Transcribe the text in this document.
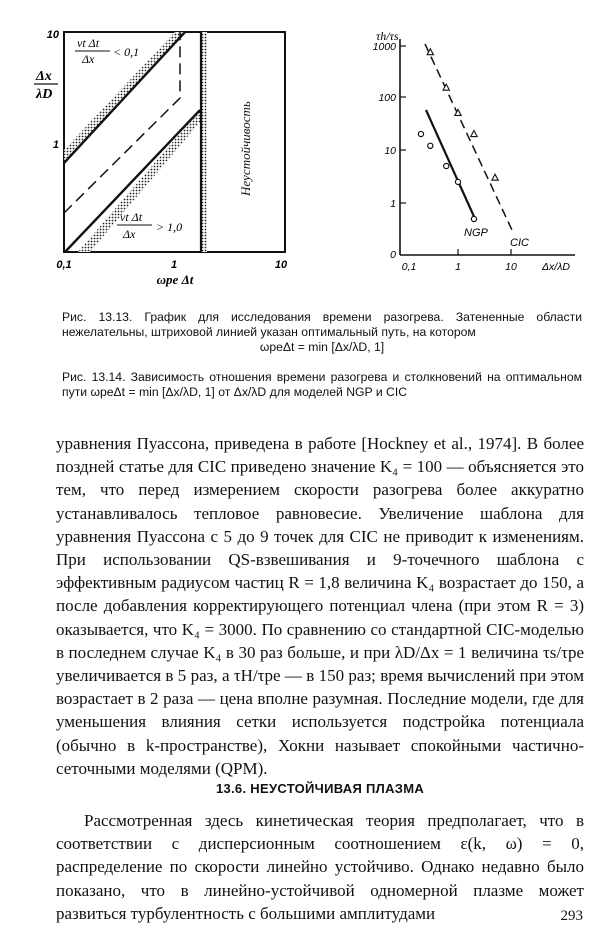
Неустойчивость
vt Δt
Δx < 0,1
vt Δt
Δx > 1,0
Δx
λD
10
1
0,1	1	10
ωpe Δt
τh/τs
1000
100
10
1
0
0,1	1	10 Δx/λD
NGP
CIC
Рис. 13.13. График для исследования времени разогрева. Затененные области нежелательны, штриховой линией указан оптимальный путь, на котором
ωpeΔt = min [Δx/λD, 1]
Рис. 13.14. Зависимость отношения времени разогрева и столкновений на оптимальном пути ωpeΔt = min [Δx/λD, 1] от Δx/λD для моделей NGP и CIC

уравнения Пуассона, приведена в работе [Hockney et al., 1974]. В более поздней статье для CIC приведено значение K₄ = 100 — объясняется это тем, что перед измерением скорости разогрева более аккуратно устанавливалось тепловое равновесие. Увеличение шаблона для уравнения Пуассона с 5 до 9 точек для CIC не приводит к изменениям. При использовании QS-взвешивания и 9-точечного шаблона с эффективным радиусом частиц R = 1,8 величина K₄ возрастает до 150, а после добавления корректирующего потенциал члена (при этом R = 3) оказывается, что K₄ = 3000. По сравнению со стандартной CIC-моделью в последнем случае K₄ в 30 раз больше, и при λD/Δx = 1 величина τs/τpe увеличивается в 5 раз, а τH/τpe — в 150 раз; время вычислений при этом возрастает в 2 раза — цена вполне разумная. Последние модели, где для уменьшения влияния сетки используется подстройка потенциала (обычно в k-пространстве), Хокни называет спокойными частично-сеточными моделями (QPM).

13.6. НЕУСТОЙЧИВАЯ ПЛАЗМА

Рассмотренная здесь кинетическая теория предполагает, что в соответствии с дисперсионным соотношением ε(k, ω) = 0, распределение по скорости линейно устойчиво. Однако недавно было показано, что в линейно-устойчивой одномерной плазме может развиться турбулентность с большими амплитудами	293
